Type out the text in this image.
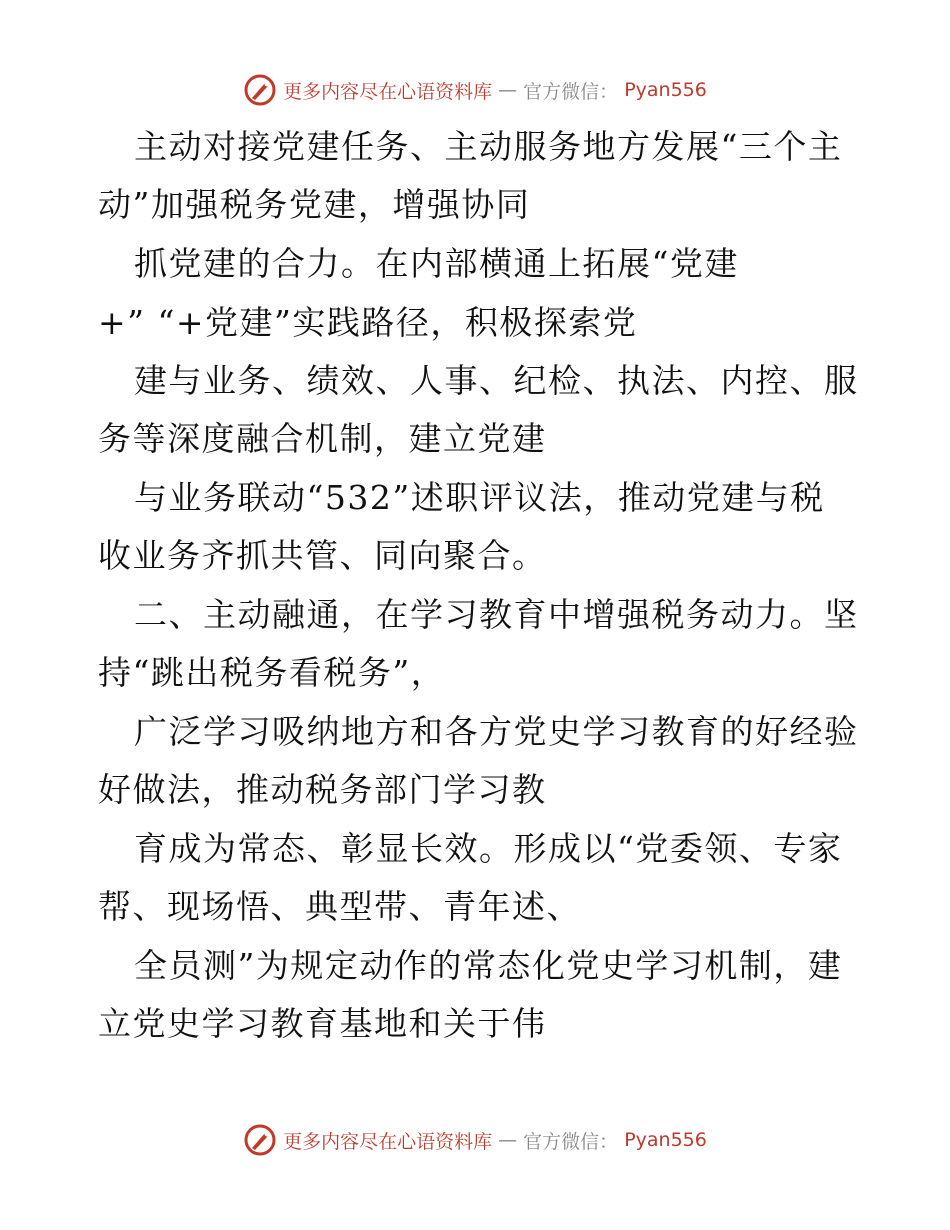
更多内容尽在心语资料库 — 官方微信： Pyan556
主动对接党建任务、主动服务地方发展“三个主
动”加强税务党建，增强协同
抓党建的合力。在内部横通上拓展“党建
+” “+党建”实践路径，积极探索党
建与业务、绩效、人事、纪检、执法、内控、服
务等深度融合机制，建立党建
与业务联动“532”述职评议法，推动党建与税
收业务齐抓共管、同向聚合。
二、主动融通，在学习教育中增强税务动力。坚
持“跳出税务看税务”，
广泛学习吸纳地方和各方党史学习教育的好经验
好做法，推动税务部门学习教
育成为常态、彰显长效。形成以“党委领、专家
帮、现场悟、典型带、青年述、
全员测”为规定动作的常态化党史学习机制，建
立党史学习教育基地和关于伟
更多内容尽在心语资料库 — 官方微信： Pyan556
